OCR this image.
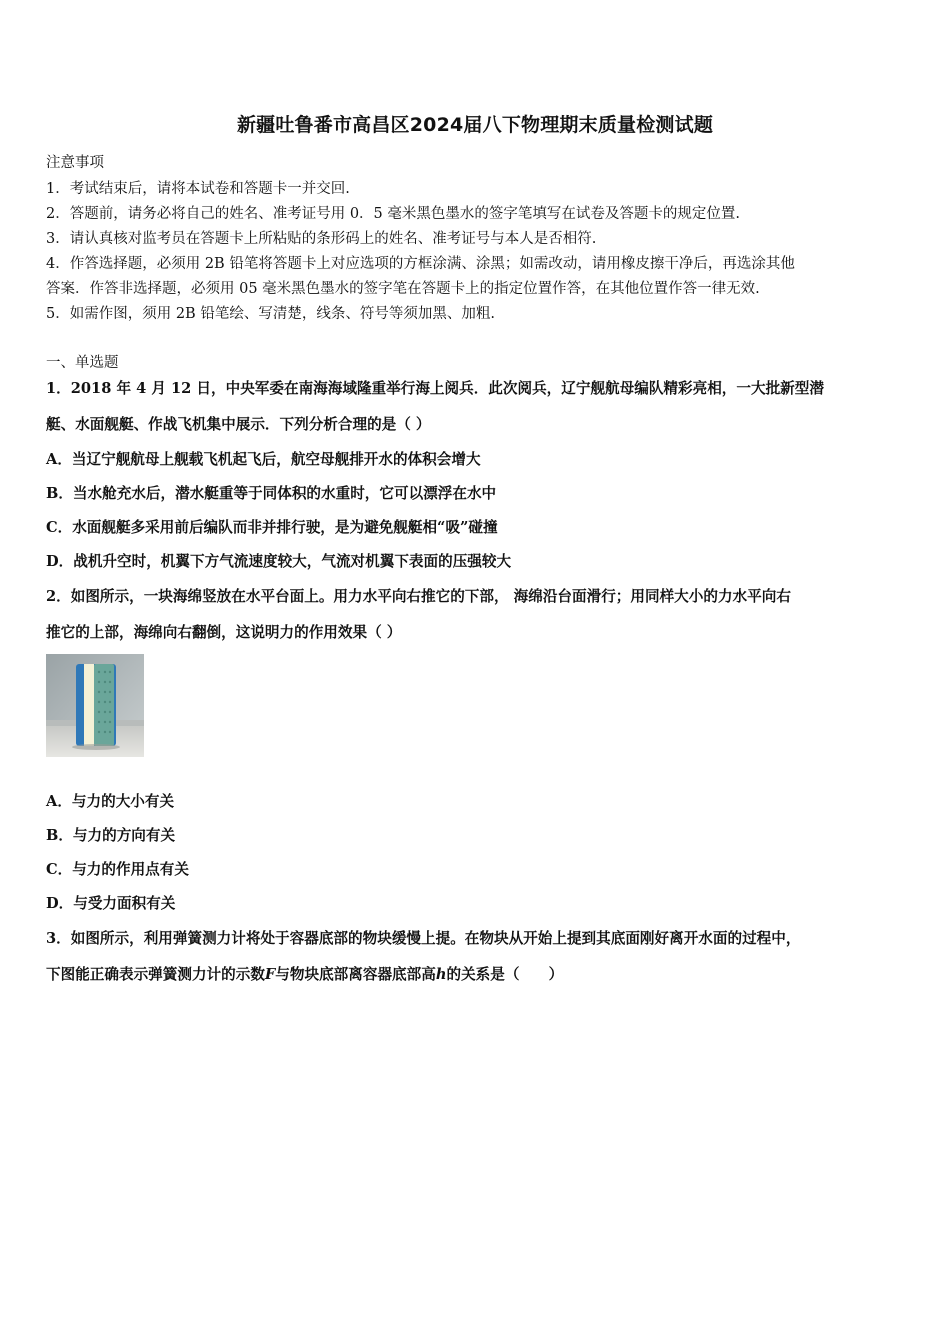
新疆吐鲁番市高昌区2024届八下物理期末质量检测试题
注意事项
1．考试结束后，请将本试卷和答题卡一并交回.
2．答题前，请务必将自己的姓名、准考证号用 0．5 毫米黑色墨水的签字笔填写在试卷及答题卡的规定位置.
3．请认真核对监考员在答题卡上所粘贴的条形码上的姓名、准考证号与本人是否相符.
4．作答选择题，必须用 2B 铅笔将答题卡上对应选项的方框涂满、涂黑；如需改动，请用橡皮擦干净后，再选涂其他
答案．作答非选择题，必须用 05 毫米黑色墨水的签字笔在答题卡上的指定位置作答，在其他位置作答一律无效.
5．如需作图，须用 2B 铅笔绘、写清楚，线条、符号等须加黑、加粗.
一、单选题
1．2018 年 4 月 12 日，中央军委在南海海域隆重举行海上阅兵．此次阅兵，辽宁舰航母编队精彩亮相，一大批新型潜
艇、水面舰艇、作战飞机集中展示．下列分析合理的是（ ）
A．当辽宁舰航母上舰载飞机起飞后，航空母舰排开水的体积会增大
B．当水舱充水后，潜水艇重等于同体积的水重时，它可以漂浮在水中
C．水面舰艇多采用前后编队而非并排行驶，是为避免舰艇相“吸”碰撞
D．战机升空时，机翼下方气流速度较大，气流对机翼下表面的压强较大
2．如图所示，一块海绵竖放在水平台面上。用力水平向右推它的下部， 海绵沿台面滑行；用同样大小的力水平向右
推它的上部，海绵向右翻倒，这说明力的作用效果（ ）
A．与力的大小有关
B．与力的方向有关
C．与力的作用点有关
D．与受力面积有关
3．如图所示，利用弹簧测力计将处于容器底部的物块缓慢上提。在物块从开始上提到其底面刚好离开水面的过程中，
下图能正确表示弹簧测力计的示数F与物块底部离容器底部高h的关系是（　　）
